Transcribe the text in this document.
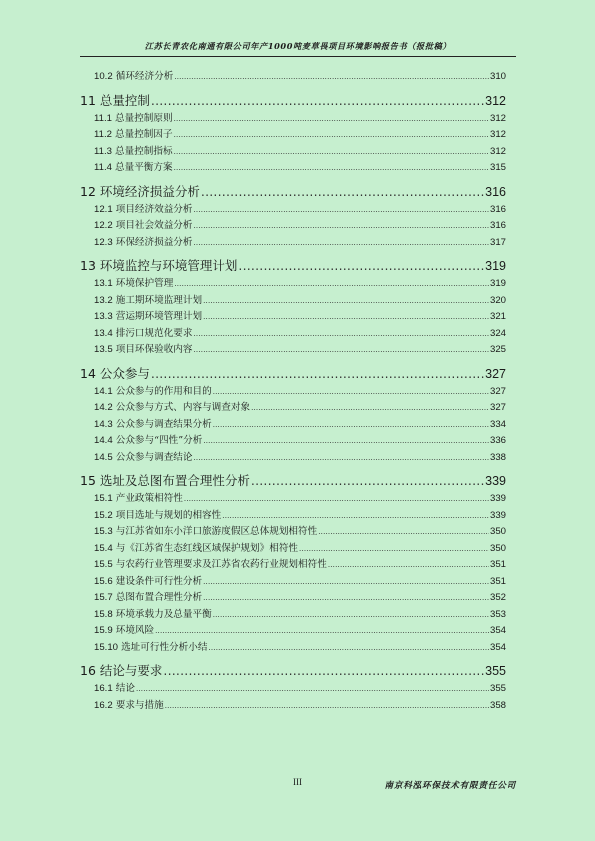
江苏长青农化南通有限公司年产1000吨麦草畏项目环境影响报告书（报批稿）
10.2 循环经济分析 .....	310
11 总量控制 .....	312
11.1 总量控制原则 .....	312
11.2 总量控制因子 .....	312
11.3 总量控制指标 .....	312
11.4 总量平衡方案 .....	315
12 环境经济损益分析 .....	316
12.1 项目经济效益分析 .....	316
12.2 项目社会效益分析 .....	316
12.3 环保经济损益分析 .....	317
13 环境监控与环境管理计划 .....	319
13.1 环境保护管理 .....	319
13.2 施工期环境监理计划 .....	320
13.3 营运期环境管理计划 .....	321
13.4 排污口规范化要求 .....	324
13.5 项目环保验收内容 .....	325
14 公众参与 .....	327
14.1 公众参与的作用和目的 .....	327
14.2 公众参与方式、内容与调查对象 .....	327
14.3 公众参与调查结果分析 .....	334
14.4 公众参与“四性”分析 .....	336
14.5 公众参与调查结论 .....	338
15 选址及总图布置合理性分析 .....	339
15.1 产业政策相符性 .....	339
15.2 项目选址与规划的相容性 .....	339
15.3 与江苏省如东小洋口旅游度假区总体规划相符性 .....	350
15.4 与《江苏省生态红线区域保护规划》相符性 .....	350
15.5 与农药行业管理要求及江苏省农药行业规划相符性 .....	351
15.6 建设条件可行性分析 .....	351
15.7 总图布置合理性分析 .....	352
15.8 环境承载力及总量平衡 .....	353
15.9 环境风险 .....	354
15.10 选址可行性分析小结 .....	354
16 结论与要求 .....	355
16.1 结论 .....	355
16.2 要求与措施 .....	358
III	南京科泓环保技术有限责任公司
